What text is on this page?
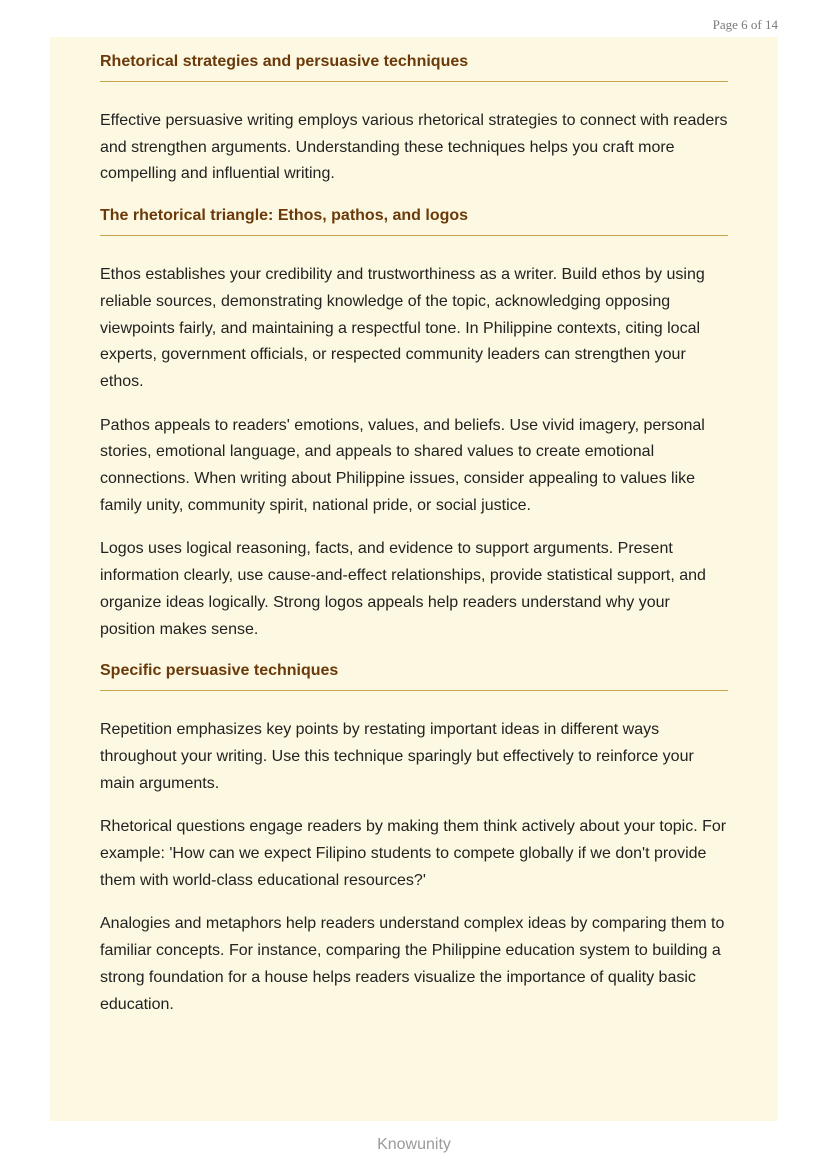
Page 6 of 14
Rhetorical strategies and persuasive techniques

Effective persuasive writing employs various rhetorical strategies to connect with readers and strengthen arguments. Understanding these techniques helps you craft more compelling and influential writing.

The rhetorical triangle: Ethos, pathos, and logos

Ethos establishes your credibility and trustworthiness as a writer. Build ethos by using reliable sources, demonstrating knowledge of the topic, acknowledging opposing viewpoints fairly, and maintaining a respectful tone. In Philippine contexts, citing local experts, government officials, or respected community leaders can strengthen your ethos.

Pathos appeals to readers' emotions, values, and beliefs. Use vivid imagery, personal stories, emotional language, and appeals to shared values to create emotional connections. When writing about Philippine issues, consider appealing to values like family unity, community spirit, national pride, or social justice.

Logos uses logical reasoning, facts, and evidence to support arguments. Present information clearly, use cause-and-effect relationships, provide statistical support, and organize ideas logically. Strong logos appeals help readers understand why your position makes sense.

Specific persuasive techniques

Repetition emphasizes key points by restating important ideas in different ways throughout your writing. Use this technique sparingly but effectively to reinforce your main arguments.

Rhetorical questions engage readers by making them think actively about your topic. For example: 'How can we expect Filipino students to compete globally if we don't provide them with world-class educational resources?'

Analogies and metaphors help readers understand complex ideas by comparing them to familiar concepts. For instance, comparing the Philippine education system to building a strong foundation for a house helps readers visualize the importance of quality basic education.

Knowunity
